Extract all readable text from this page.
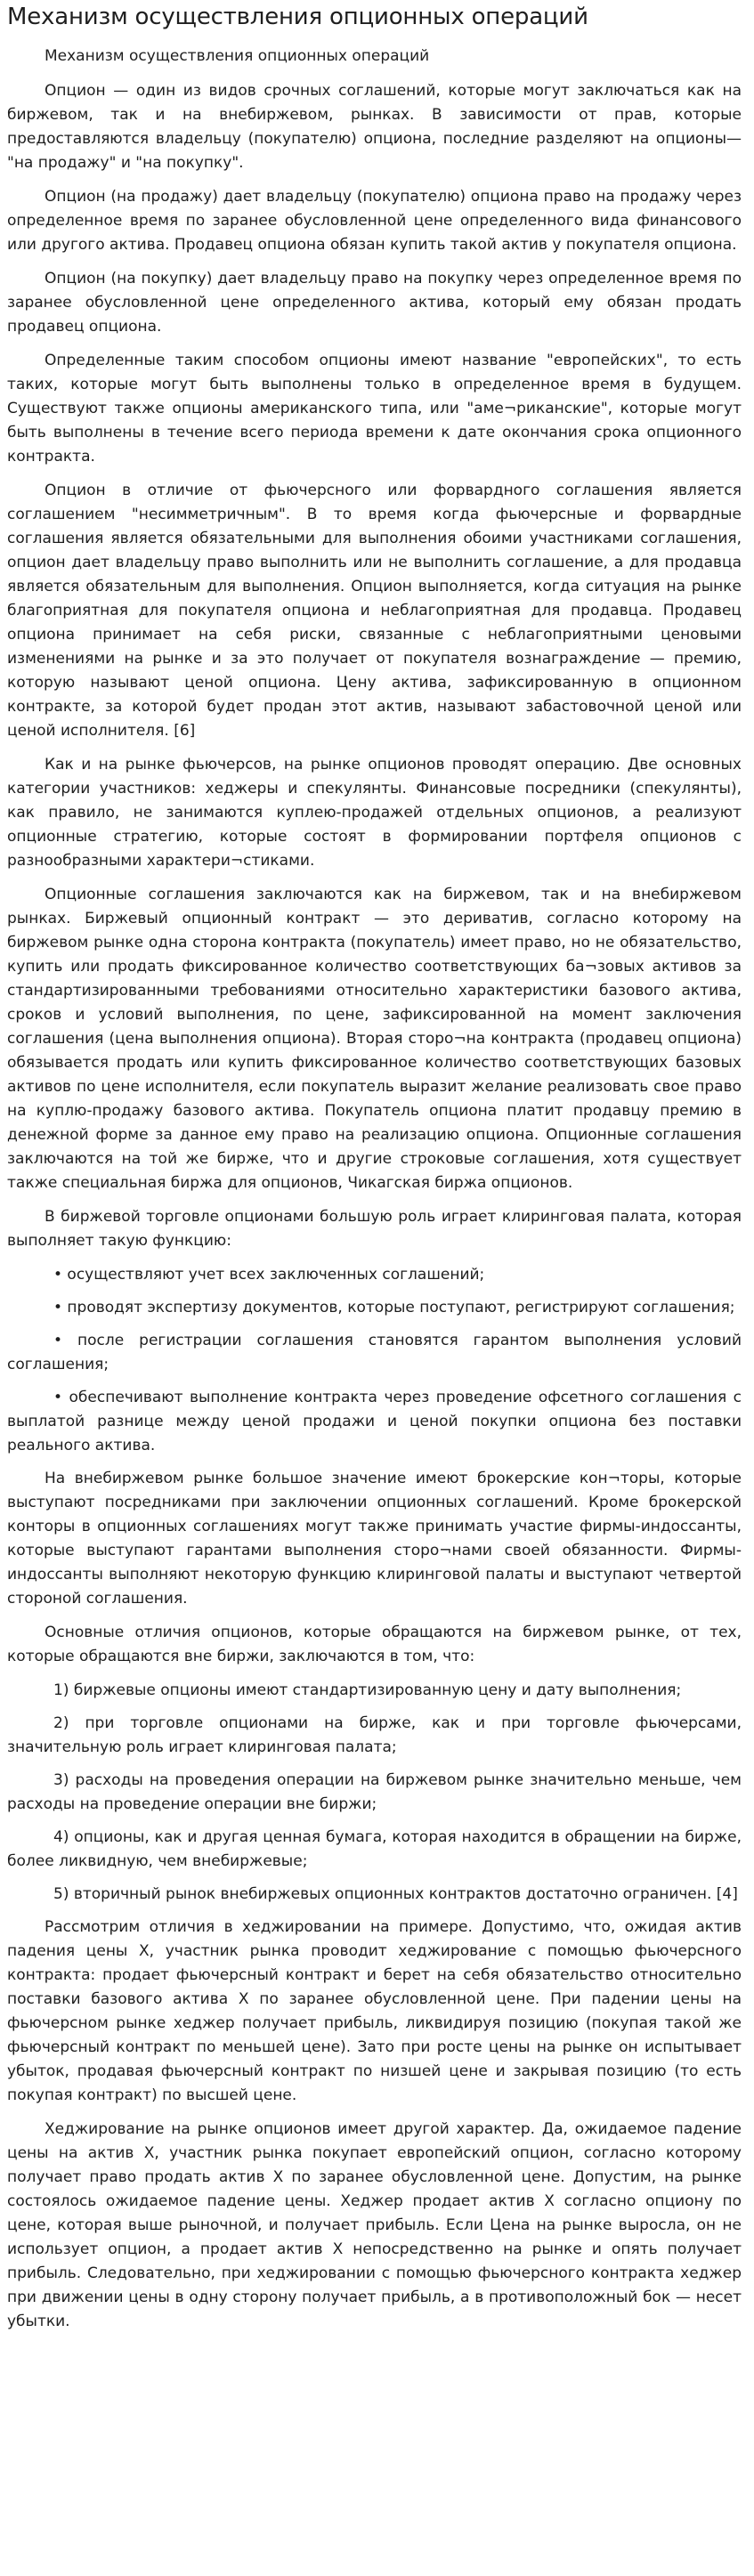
Механизм осуществления опционных операций
Механизм осуществления опционных операций

Опцион — один из видов срочных соглашений, которые могут заключаться как на биржевом, так и на внебиржевом, рынках. В зависимости от прав, которые предоставляются владельцу (покупателю) опциона, последние разделяют на опционы— "на продажу" и "на покупку".

Опцион (на продажу) дает владельцу (покупателю) опциона право на продажу через определенное время по заранее обусловленной цене определенного вида финансового или другого актива. Продавец опциона обязан купить такой актив у покупателя опциона.

Опцион (на покупку) дает владельцу право на покупку через определенное время по заранее обусловленной цене определенного актива, который ему обязан продать продавец опциона.

Определенные таким способом опционы имеют название "европейских", то есть таких, которые могут быть выполнены только в определенное время в будущем. Существуют также опционы американского типа, или "аме¬риканские", которые могут быть выполнены в течение всего периода времени к дате окончания срока опционного контракта.

Опцион в отличие от фьючерсного или форвардного соглашения является соглашением "несимметричным". В то время когда фьючерсные и форвардные соглашения является обязательными для выполнения обоими участниками соглашения, опцион дает владельцу право выполнить или не выполнить соглашение, а для продавца является обязательным для выполнения. Опцион выполняется, когда ситуация на рынке благоприятная для покупателя опциона и неблагоприятная для продавца. Продавец опциона принимает на себя риски, связанные с неблагоприятными ценовыми изменениями на рынке и за это получает от покупателя вознаграждение — премию, которую называют ценой опциона. Цену актива, зафиксированную в опционном контракте, за которой будет продан этот актив, называют забастовочной ценой или ценой исполнителя. [6]

Как и на рынке фьючерсов, на рынке опционов проводят операцию. Две основных категории участников: хеджеры и спекулянты. Финансовые посредники (спекулянты), как правило, не занимаются куплею-продажей отдельных опционов, а реализуют опционные стратегию, которые состоят в формировании портфеля опционов с разнообразными характери¬стиками.

Опционные соглашения заключаются как на биржевом, так и на внебиржевом рынках. Биржевый опционный контракт — это дериватив, согласно которому на биржевом рынке одна сторона контракта (покупатель) имеет право, но не обязательство, купить или продать фиксированное количество соответствующих ба¬зовых активов за стандартизированными требованиями относительно характеристики базового актива, сроков и условий выполнения, по цене, зафиксированной на момент заключения соглашения (цена выполнения опциона). Вторая сторо¬на контракта (продавец опциона) обязывается продать или купить фиксированное количество соответствующих базовых активов по цене исполнителя, если покупатель выразит желание реализовать свое право на куплю-продажу базового актива. Покупатель опциона платит продавцу премию в денежной форме за данное ему право на реализацию опциона. Опционные соглашения заключаются на той же бирже, что и другие строковые соглашения, хотя существует также специальная биржа для опционов, Чикагская биржа опционов.

В биржевой торговле опционами большую роль играет клиринговая палата, которая выполняет такую функцию:

• осуществляют учет всех заключенных соглашений;
• проводят экспертизу документов, которые поступают, регистрируют соглашения;
• после регистрации соглашения становятся гарантом выполнения условий соглашения;
• обеспечивают выполнение контракта через проведение офсетного соглашения с выплатой разнице между ценой продажи и ценой покупки опциона без поставки реального актива.

На внебиржевом рынке большое значение имеют брокерские кон¬торы, которые выступают посредниками при заключении опционных соглашений. Кроме брокерской конторы в опционных соглашениях могут также принимать участие фирмы-индоссанты, которые выступают гарантами выполнения сторо¬нами своей обязанности. Фирмы-индоссанты выполняют некоторую функцию клиринговой палаты и выступают четвертой стороной соглашения.

Основные отличия опционов, которые обращаются на биржевом рынке, от тех, которые обращаются вне биржи, заключаются в том, что:

1) биржевые опционы имеют стандартизированную цену и дату выполнения;
2) при торговле опционами на бирже, как и при торговле фьючерсами, значительную роль играет клиринговая палата;
3) расходы на проведения операции на биржевом рынке значительно меньше, чем расходы на проведение операции вне биржи;
4) опционы, как и другая ценная бумага, которая находится в обращении на бирже, более ликвидную, чем внебиржевые;
5) вторичный рынок внебиржевых опционных контрактов достаточно ограничен. [4]

Рассмотрим отличия в хеджировании на примере. Допустимо, что, ожидая актив падения цены Х, участник рынка проводит хеджирование с помощью фьючерсного контракта: продает фьючерсный контракт и берет на себя обязательство относительно поставки базового актива Х по заранее обусловленной цене. При падении цены на фьючерсном рынке хеджер получает прибыль, ликвидируя позицию (покупая такой же фьючерсный контракт по меньшей цене). Зато при росте цены на рынке он испытывает убыток, продавая фьючерсный контракт по низшей цене и закрывая позицию (то есть покупая контракт) по высшей цене.

Хеджирование на рынке опционов имеет другой характер. Да, ожидаемое падение цены на актив Х, участник рынка покупает европейский опцион, согласно которому получает право продать актив Х по заранее обусловленной цене. Допустим, на рынке состоялось ожидаемое падение цены. Хеджер продает актив Х согласно опциону по цене, которая выше рыночной, и получает прибыль. Если Цена на рынке выросла, он не использует опцион, а продает актив Х непосредственно на рынке и опять получает прибыль. Следовательно, при хеджировании с помощью фьючерсного контракта хеджер при движении цены в одну сторону получает прибыль, а в противоположный бок — несет убытки.
